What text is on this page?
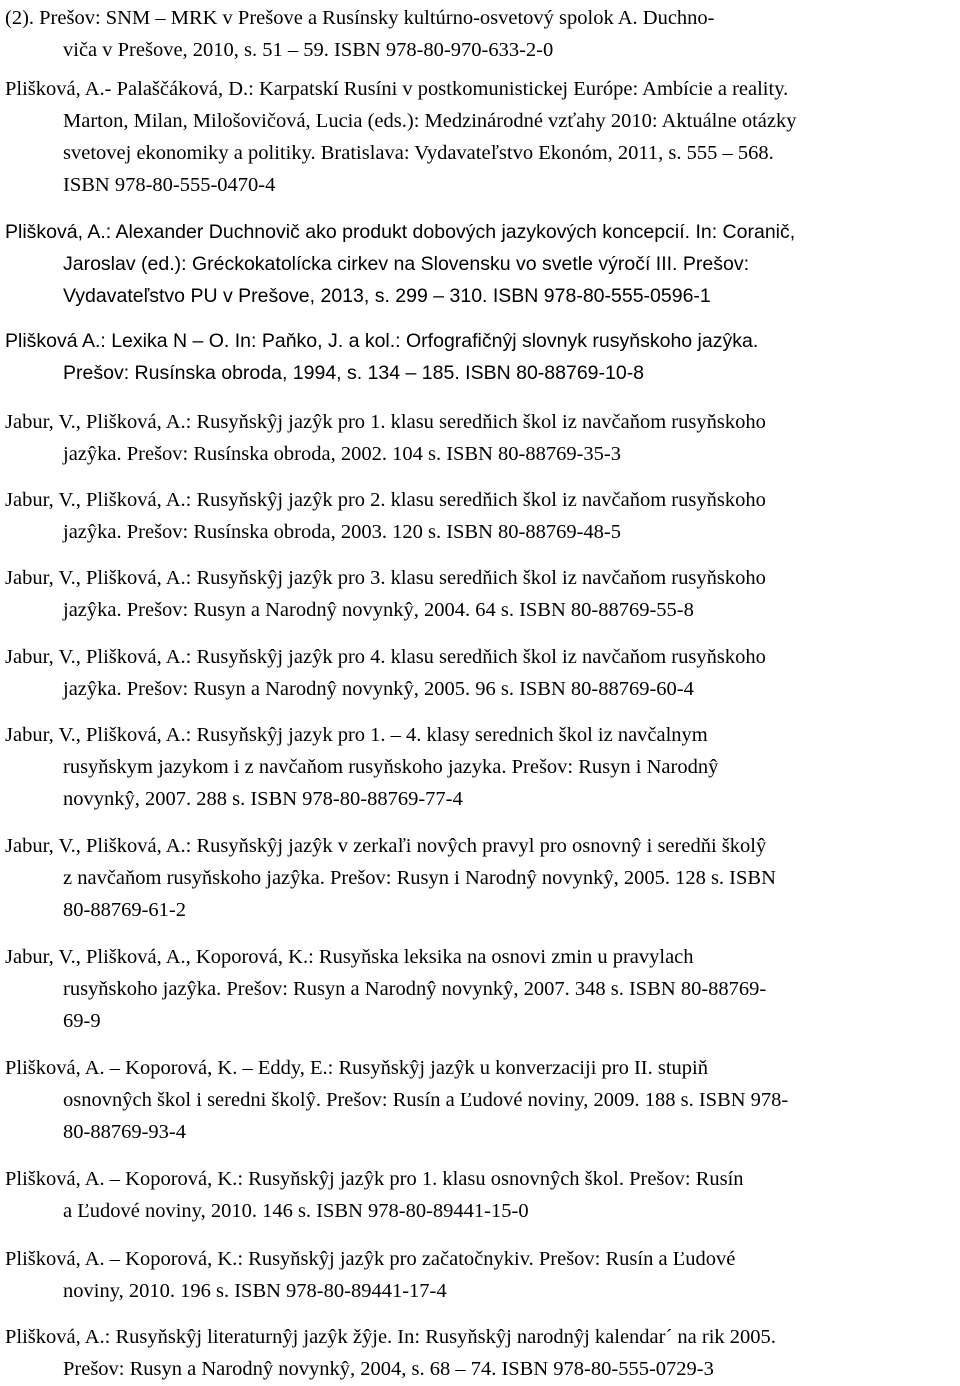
(2). Prešov: SNM – MRK v Prešove a Rusínsky kultúrno-osvetový spolok A. Duchno-
viča v Prešove, 2010, s. 51 – 59. ISBN 978-80-970-633-2-0

Plišková, A.- Palaščáková, D.: Karpatskí Rusíni v postkomunistickej Európe: Ambície a reality.
Marton, Milan, Milošovičová, Lucia (eds.): Medzinárodné vzťahy 2010: Aktuálne otázky
svetovej ekonomiky a politiky. Bratislava: Vydavateľstvo Ekonóm, 2011, s. 555 – 568.
ISBN 978-80-555-0470-4

Plišková, A.: Alexander Duchnovič ako produkt dobových jazykových koncepcií. In: Coranič,
Jaroslav (ed.): Gréckokatolícka cirkev na Slovensku vo svetle výročí III. Prešov:
Vydavateľstvo PU v Prešove, 2013, s. 299 – 310. ISBN 978-80-555-0596-1

Plišková A.: Lexika N – O. In: Paňko, J. a kol.: Orfografičnŷj slovnyk rusyňskoho jazŷka.
Prešov: Rusínska obroda, 1994, s. 134 – 185. ISBN 80-88769-10-8

Jabur, V., Plišková, A.: Rusyňskŷj jazŷk pro 1. klasu seredňich škol iz navčaňom rusyňskoho
jazŷka. Prešov: Rusínska obroda, 2002. 104 s. ISBN 80-88769-35-3

Jabur, V., Plišková, A.: Rusyňskŷj jazŷk pro 2. klasu seredňich škol iz navčaňom rusyňskoho
jazŷka. Prešov: Rusínska obroda, 2003. 120 s. ISBN 80-88769-48-5

Jabur, V., Plišková, A.: Rusyňskŷj jazŷk pro 3. klasu seredňich škol iz navčaňom rusyňskoho
jazŷka. Prešov: Rusyn a Narodnŷ novynkŷ, 2004. 64 s. ISBN 80-88769-55-8

Jabur, V., Plišková, A.: Rusyňskŷj jazŷk pro 4. klasu seredňich škol iz navčaňom rusyňskoho
jazŷka. Prešov: Rusyn a Narodnŷ novynkŷ, 2005. 96 s. ISBN 80-88769-60-4

Jabur, V., Plišková, A.: Rusyňskŷj jazyk pro 1. – 4. klasy serednich škol iz navčalnym
rusyňskym jazykom i z navčaňom rusyňskoho jazyka. Prešov: Rusyn i Narodnŷ
novynkŷ, 2007. 288 s. ISBN 978-80-88769-77-4

Jabur, V., Plišková, A.: Rusyňskŷj jazŷk v zerkaľi novŷch pravyl pro osnovnŷ i seredňi školŷ
z navčaňom rusyňskoho jazŷka. Prešov: Rusyn i Narodnŷ novynkŷ, 2005. 128 s. ISBN
80-88769-61-2

Jabur, V., Plišková, A., Koporová, K.: Rusyňska leksika na osnovi zmin u pravylach
rusyňskoho jazŷka. Prešov: Rusyn a Narodnŷ novynkŷ, 2007. 348 s. ISBN 80-88769-
69-9

Plišková, A. – Koporová, K. – Eddy, E.: Rusyňskŷj jazŷk u konverzaciji pro II. stupiň
osnovnŷch škol i seredni školŷ. Prešov: Rusín a Ľudové noviny, 2009. 188 s. ISBN 978-
80-88769-93-4

Plišková, A. – Koporová, K.: Rusyňskŷj jazŷk pro 1. klasu osnovnŷch škol. Prešov: Rusín
a Ľudové noviny, 2010. 146 s. ISBN 978-80-89441-15-0

Plišková, A. – Koporová, K.: Rusyňskŷj jazŷk pro začatočnykiv. Prešov: Rusín a Ľudové
noviny, 2010. 196 s. ISBN 978-80-89441-17-4

Plišková, A.: Rusyňskŷj literaturnŷj jazŷk žŷje. In: Rusyňskŷj narodnŷj kalendar´ na rik 2005.
Prešov: Rusyn a Narodnŷ novynkŷ, 2004, s. 68 – 74. ISBN 978-80-555-0729-3
